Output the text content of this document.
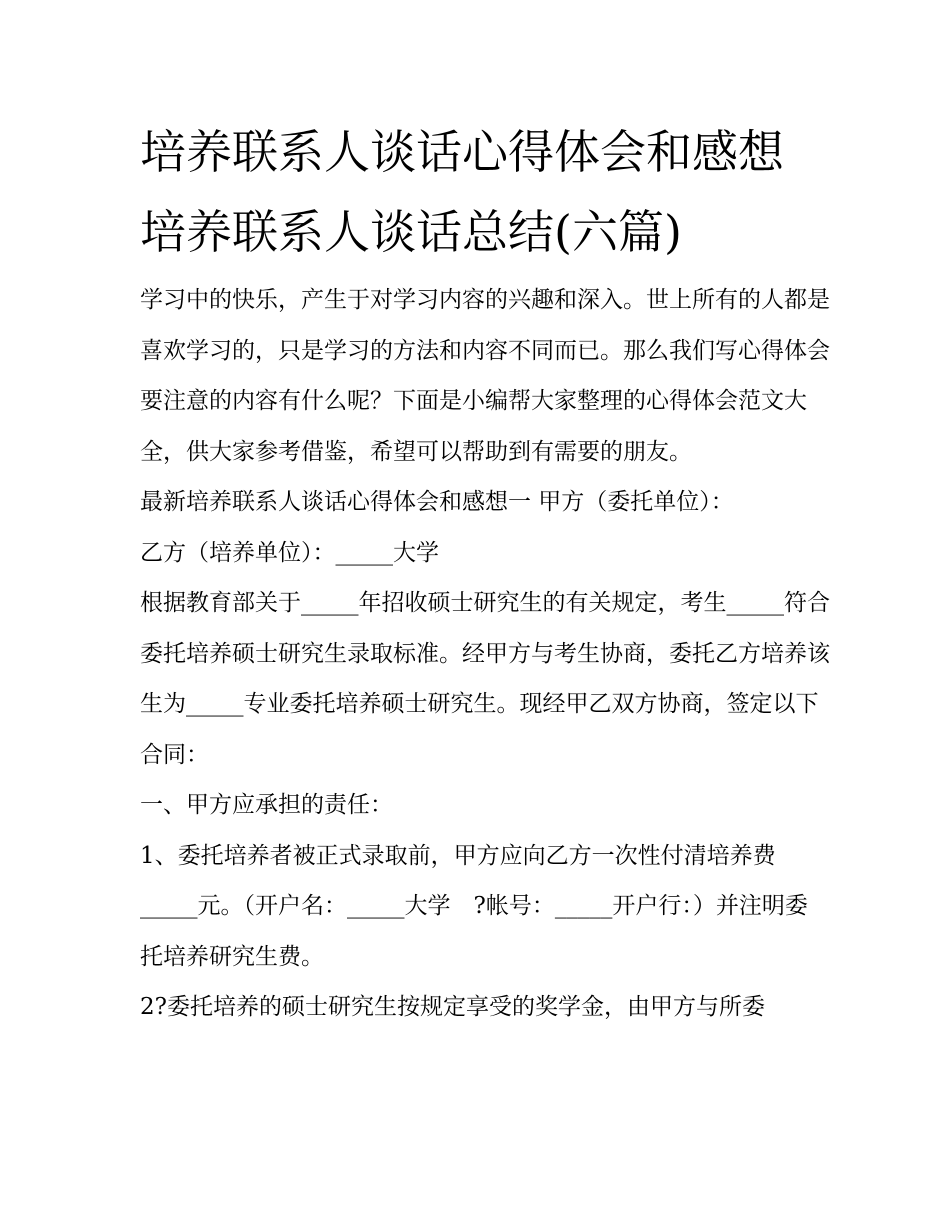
培养联系人谈话心得体会和感想 培养联系人谈话总结(六篇)

学习中的快乐，产生于对学习内容的兴趣和深入。世上所有的人都是喜欢学习的，只是学习的方法和内容不同而已。那么我们写心得体会要注意的内容有什么呢？下面是小编帮大家整理的心得体会范文大全，供大家参考借鉴，希望可以帮助到有需要的朋友。

最新培养联系人谈话心得体会和感想一 甲方（委托单位）：

乙方（培养单位）：_____大学

根据教育部关于_____年招收硕士研究生的有关规定，考生_____符合委托培养硕士研究生录取标准。经甲方与考生协商，委托乙方培养该生为_____专业委托培养硕士研究生。现经甲乙双方协商，签定以下合同：

一、甲方应承担的责任：

1、委托培养者被正式录取前，甲方应向乙方一次性付清培养费_____元。（开户名：_____大学　?帐号：_____开户行：）并注明委托培养研究生费。

2?委托培养的硕士研究生按规定享受的奖学金，由甲方与所委
